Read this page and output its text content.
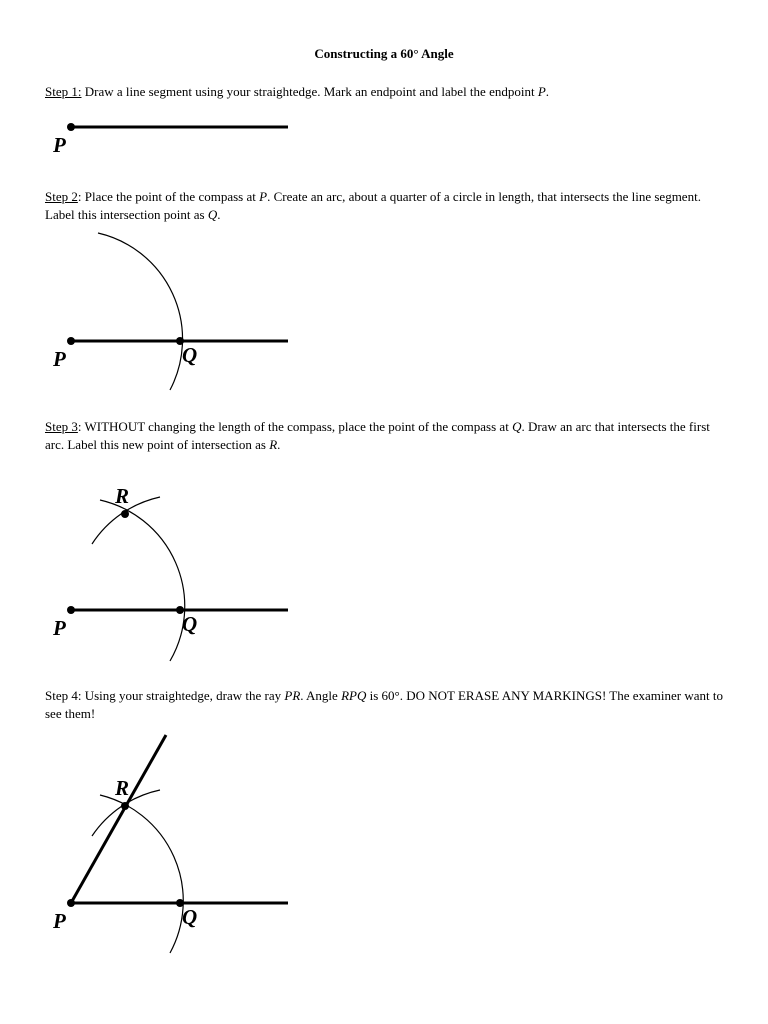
Constructing a 60° Angle
Step 1: Draw a line segment using your straightedge. Mark an endpoint and label the endpoint P.
Step 2: Place the point of the compass at P. Create an arc, about a quarter of a circle in length, that intersects the line segment. Label this intersection point as Q.
Step 3: WITHOUT changing the length of the compass, place the point of the compass at Q. Draw an arc that intersects the first arc. Label this new point of intersection as R.
Step 4: Using your straightedge, draw the ray PR. Angle RPQ is 60°. DO NOT ERASE ANY MARKINGS! The examiner want to see them!
P
P	Q
R
P	Q
R
P	Q
